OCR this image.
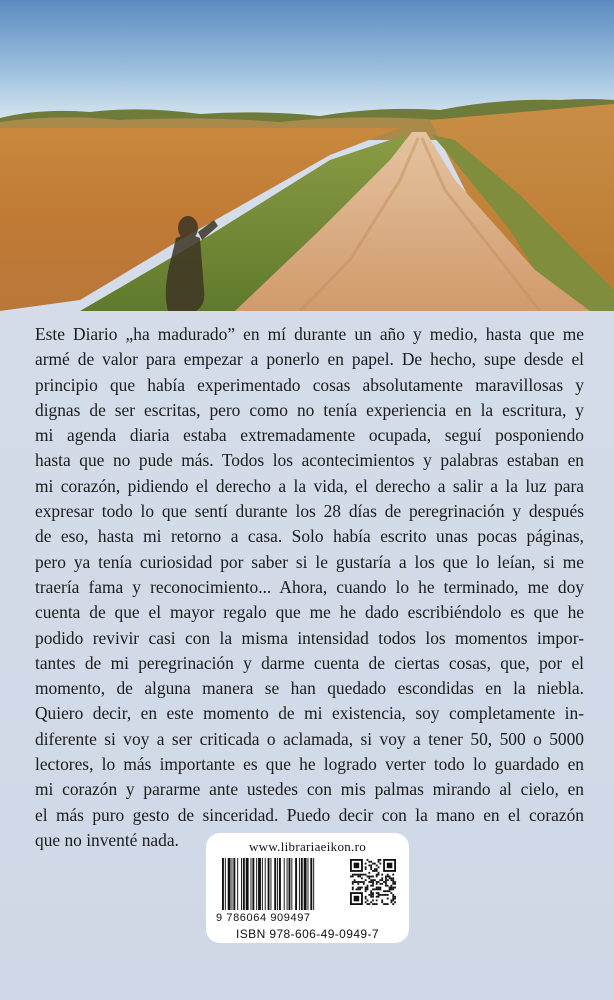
Este Diario „ha madurado” en mí durante un año y medio, hasta que me
armé de valor para empezar a ponerlo en papel. De hecho, supe desde el
principio que había experimentado cosas absolutamente maravillosas y
dignas de ser escritas, pero como no tenía experiencia en la escritura, y
mi agenda diaria estaba extremadamente ocupada, seguí posponiendo
hasta que no pude más. Todos los acontecimientos y palabras estaban en
mi corazón, pidiendo el derecho a la vida, el derecho a salir a la luz para
expresar todo lo que sentí durante los 28 días de peregrinación y después
de eso, hasta mi retorno a casa. Solo había escrito unas pocas páginas,
pero ya tenía curiosidad por saber si le gustaría a los que lo leían, si me
traería fama y reconocimiento... Ahora, cuando lo he terminado, me doy
cuenta de que el mayor regalo que me he dado escribiéndolo es que he
podido revivir casi con la misma intensidad todos los momentos impor-
tantes de mi peregrinación y darme cuenta de ciertas cosas, que, por el
momento, de alguna manera se han quedado escondidas en la niebla.
Quiero decir, en este momento de mi existencia, soy completamente in-
diferente si voy a ser criticada o aclamada, si voy a tener 50, 500 o 5000
lectores, lo más importante es que he logrado verter todo lo guardado en
mi corazón y pararme ante ustedes con mis palmas mirando al cielo, en
el más puro gesto de sinceridad. Puedo decir con la mano en el corazón
que no inventé nada.	www.librariaeikon.ro
9 786064 909497
ISBN 978-606-49-0949-7
